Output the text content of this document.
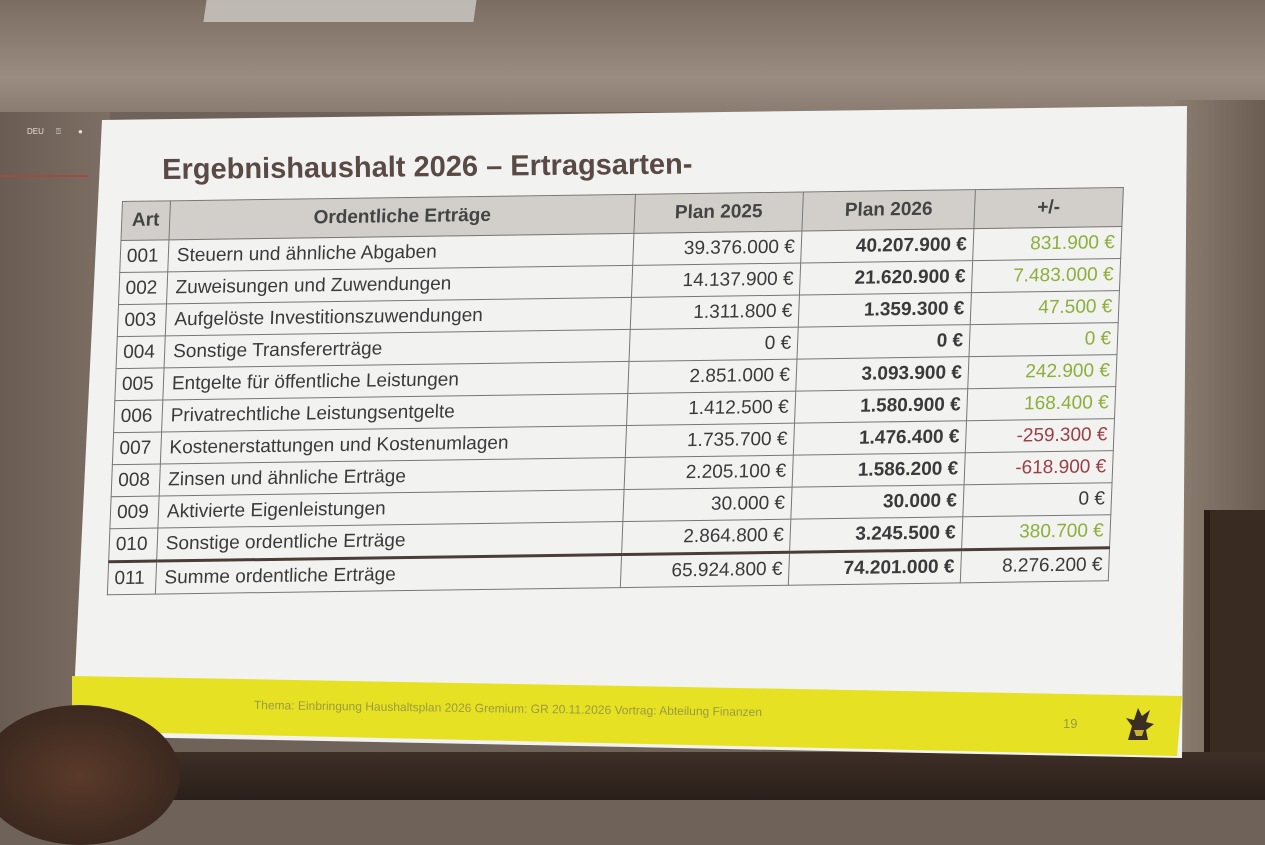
DEU ⍰ ●
Ergebnishaushalt 2026 – Ertragsarten-
Art	Ordentliche Erträge	Plan 2025	Plan 2026	+/-
001	Steuern und ähnliche Abgaben	39.376.000 €	40.207.900 €	831.900 €
002	Zuweisungen und Zuwendungen	14.137.900 €	21.620.900 €	7.483.000 €
003	Aufgelöste Investitionszuwendungen	1.311.800 €	1.359.300 €	47.500 €
004	Sonstige Transfererträge	0 €	0 €	0 €
005	Entgelte für öffentliche Leistungen	2.851.000 €	3.093.900 €	242.900 €
006	Privatrechtliche Leistungsentgelte	1.412.500 €	1.580.900 €	168.400 €
007	Kostenerstattungen und Kostenumlagen	1.735.700 €	1.476.400 €	-259.300 €
008	Zinsen und ähnliche Erträge	2.205.100 €	1.586.200 €	-618.900 €
009	Aktivierte Eigenleistungen	30.000 €	30.000 €	0 €
010	Sonstige ordentliche Erträge	2.864.800 €	3.245.500 €	380.700 €
011	Summe ordentliche Erträge	65.924.800 €	74.201.000 €	8.276.200 €
Thema: Einbringung Haushaltsplan 2026 Gremium: GR 20.11.2026 Vortrag: Abteilung Finanzen
19
